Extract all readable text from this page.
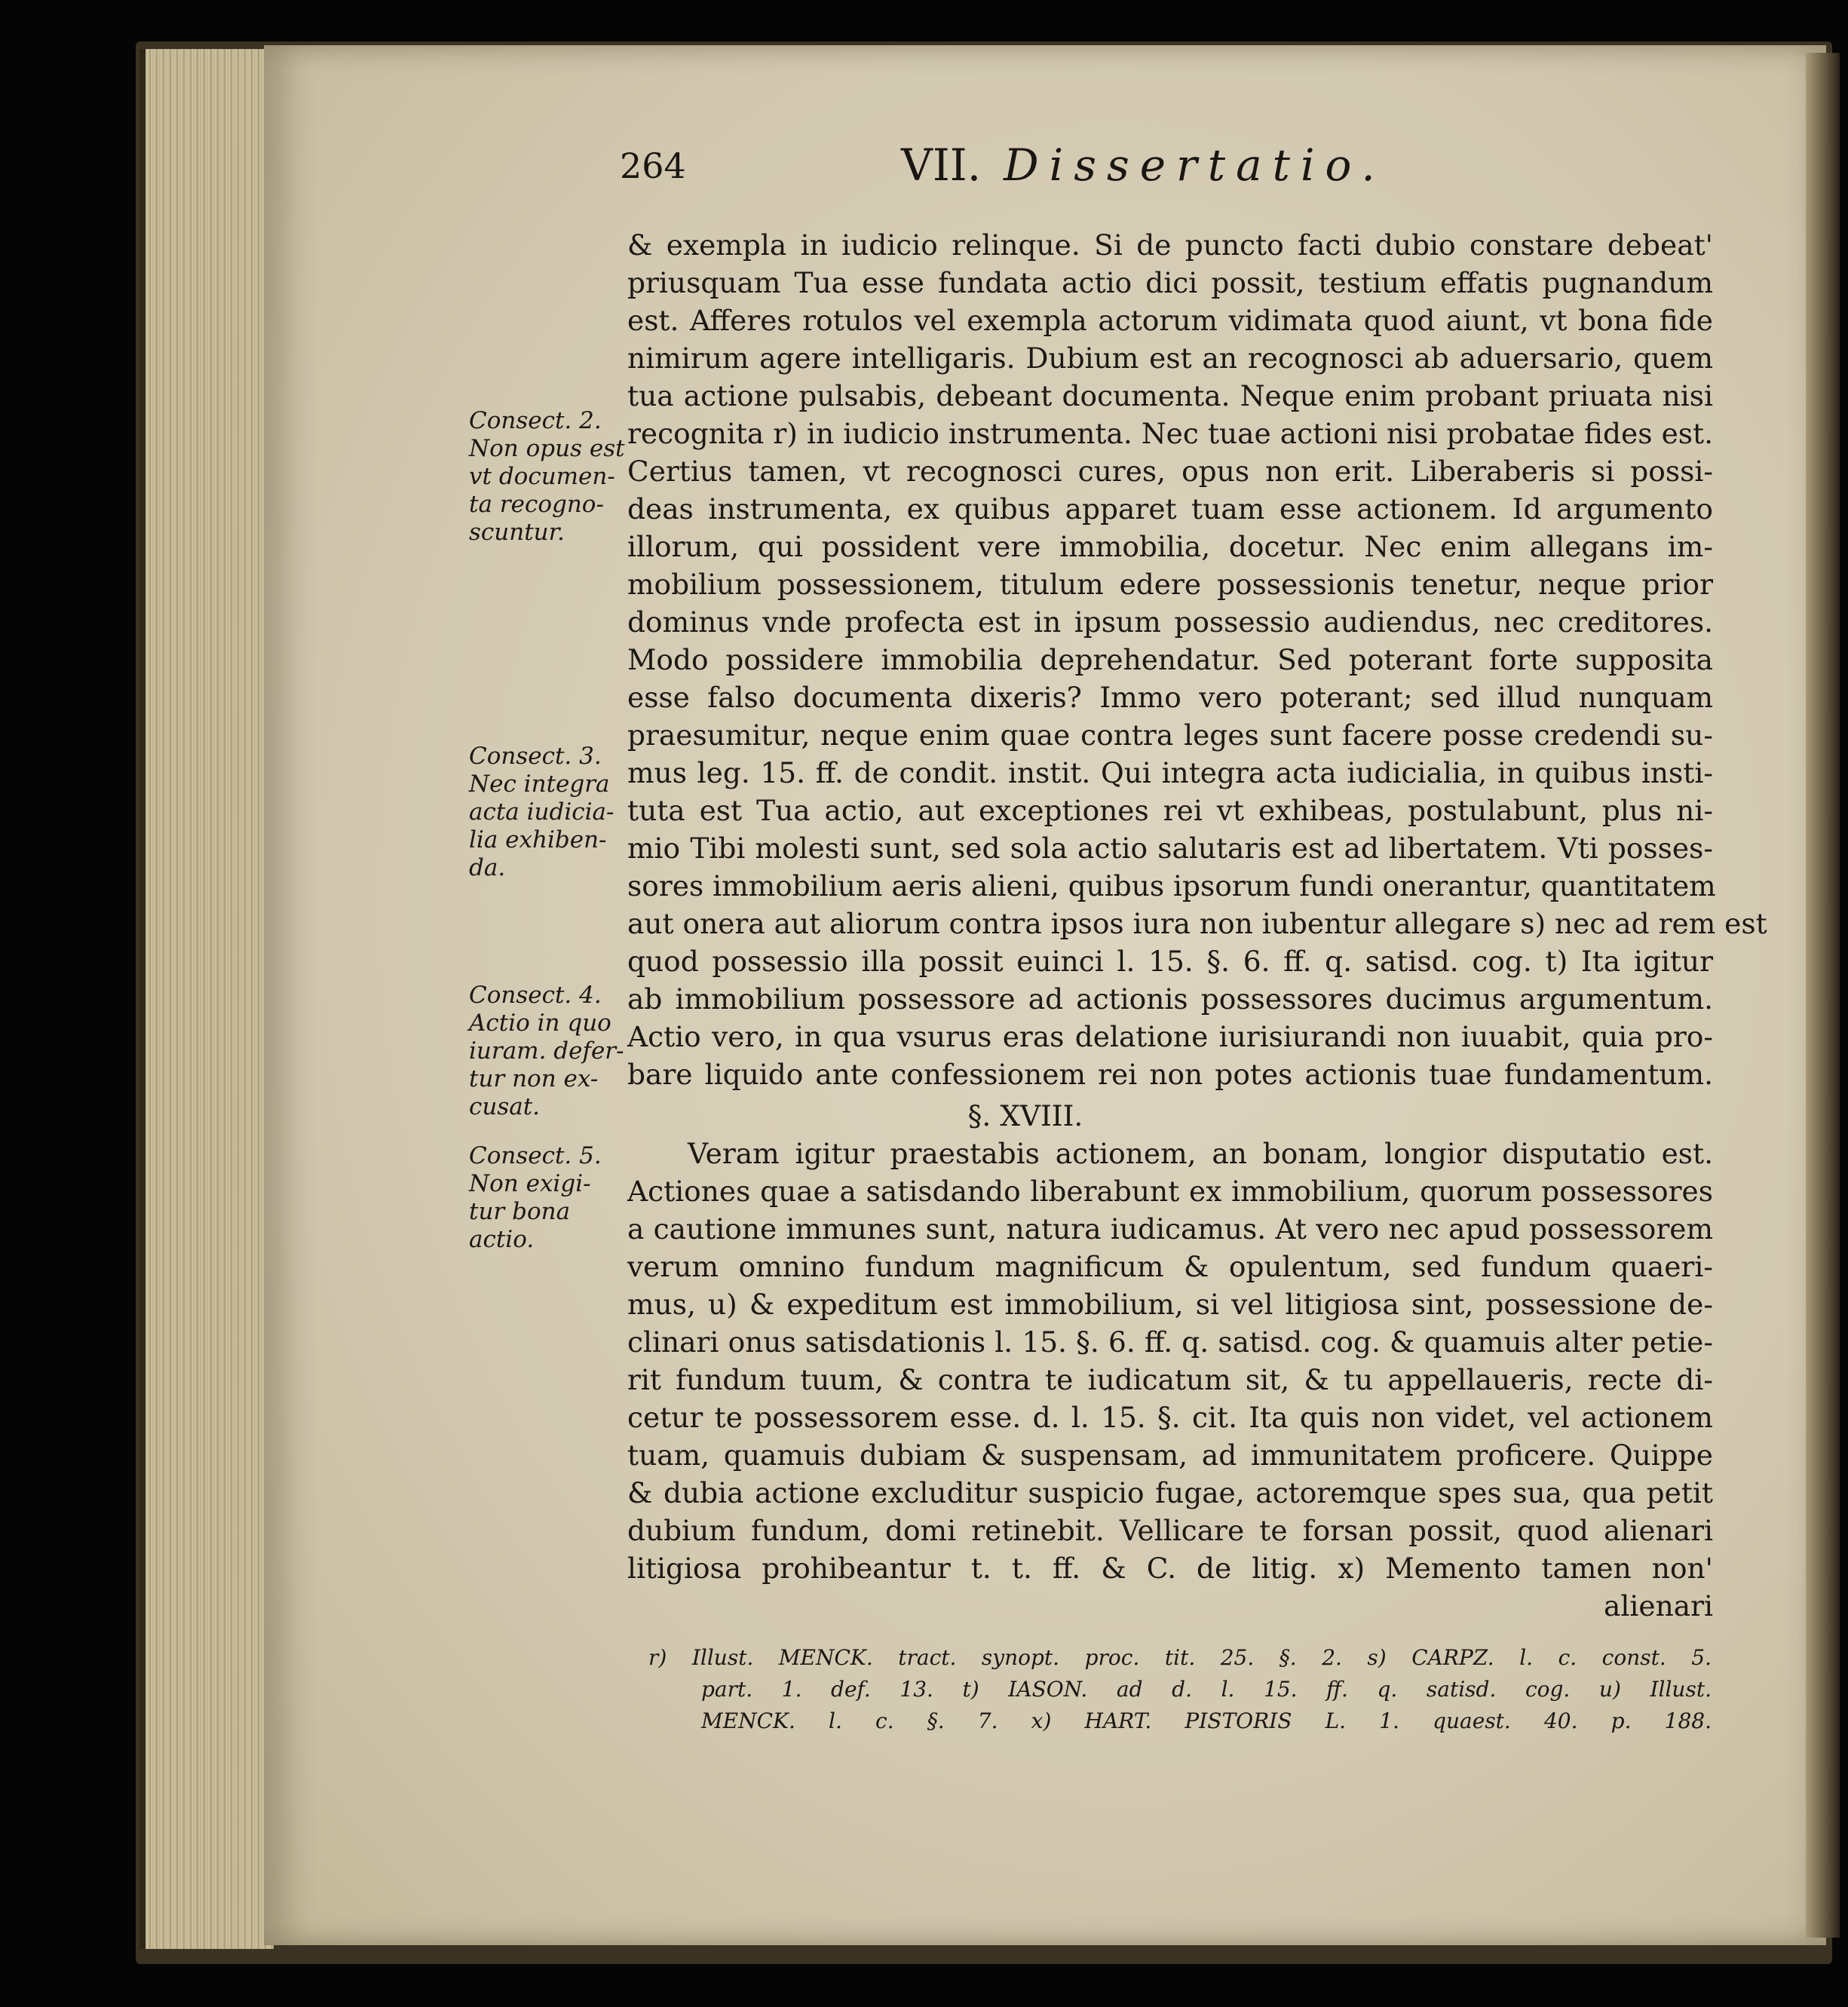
264	VII. Dissertatio.
& exempla in iudicio relinque. Si de puncto facti dubio constare debeat'
priusquam Tua esse fundata actio dici possit, testium effatis pugnandum
est. Afferes rotulos vel exempla actorum vidimata quod aiunt, vt bona fide
nimirum agere intelligaris. Dubium est an recognosci ab aduersario, quem
tua actione pulsabis, debeant documenta. Neque enim probant priuata nisi
recognita r) in iudicio instrumenta. Nec tuae actioni nisi probatae fides est.
Certius tamen, vt recognosci cures, opus non erit. Liberaberis si possi-
deas instrumenta, ex quibus apparet tuam esse actionem. Id argumento
illorum, qui possident vere immobilia, docetur. Nec enim allegans im-
mobilium possessionem, titulum edere possessionis tenetur, neque prior
dominus vnde profecta est in ipsum possessio audiendus, nec creditores.
Modo possidere immobilia deprehendatur. Sed poterant forte supposita
esse falso documenta dixeris? Immo vero poterant; sed illud nunquam
praesumitur, neque enim quae contra leges sunt facere posse credendi su-
mus leg. 15. ff. de condit. instit. Qui integra acta iudicialia, in quibus insti-
tuta est Tua actio, aut exceptiones rei vt exhibeas, postulabunt, plus ni-
mio Tibi molesti sunt, sed sola actio salutaris est ad libertatem. Vti posses-
sores immobilium aeris alieni, quibus ipsorum fundi onerantur, quantitatem
aut onera aut aliorum contra ipsos iura non iubentur allegare s) nec ad rem est
quod possessio illa possit euinci l. 15. §. 6. ff. q. satisd. cog. t) Ita igitur
ab immobilium possessore ad actionis possessores ducimus argumentum.
Actio vero, in qua vsurus eras delatione iurisiurandi non iuuabit, quia pro-
bare liquido ante confessionem rei non potes actionis tuae fundamentum.
§. XVIII.
Veram igitur praestabis actionem, an bonam, longior disputatio est.
Actiones quae a satisdando liberabunt ex immobilium, quorum possessores
a cautione immunes sunt, natura iudicamus. At vero nec apud possessorem
verum omnino fundum magnificum & opulentum, sed fundum quaeri-
mus, u) & expeditum est immobilium, si vel litigiosa sint, possessione de-
clinari onus satisdationis l. 15. §. 6. ff. q. satisd. cog. & quamuis alter petie-
rit fundum tuum, & contra te iudicatum sit, & tu appellaueris, recte di-
cetur te possessorem esse. d. l. 15. §. cit. Ita quis non videt, vel actionem
tuam, quamuis dubiam & suspensam, ad immunitatem proficere. Quippe
& dubia actione excluditur suspicio fugae, actoremque spes sua, qua petit
dubium fundum, domi retinebit. Vellicare te forsan possit, quod alienari
litigiosa prohibeantur t. t. ff. & C. de litig. x) Memento tamen non'
alienari
Consect. 2.
Non opus est
vt documen-
ta recogno-
scuntur.
Consect. 3.
Nec integra
acta iudicia-
lia exhiben-
da.
Consect. 4.
Actio in quo
iuram. defer-
tur non ex-
cusat.
Consect. 5.
Non exigi-
tur bona
actio.
r) Illust. MENCK. tract. synopt. proc. tit. 25. §. 2. s) CARPZ. l. c. const. 5.
part. 1. def. 13. t) IASON. ad d. l. 15. ff. q. satisd. cog. u) Illust.
MENCK. l. c. §. 7. x) HART. PISTORIS L. 1. quaest. 40. p. 188.
